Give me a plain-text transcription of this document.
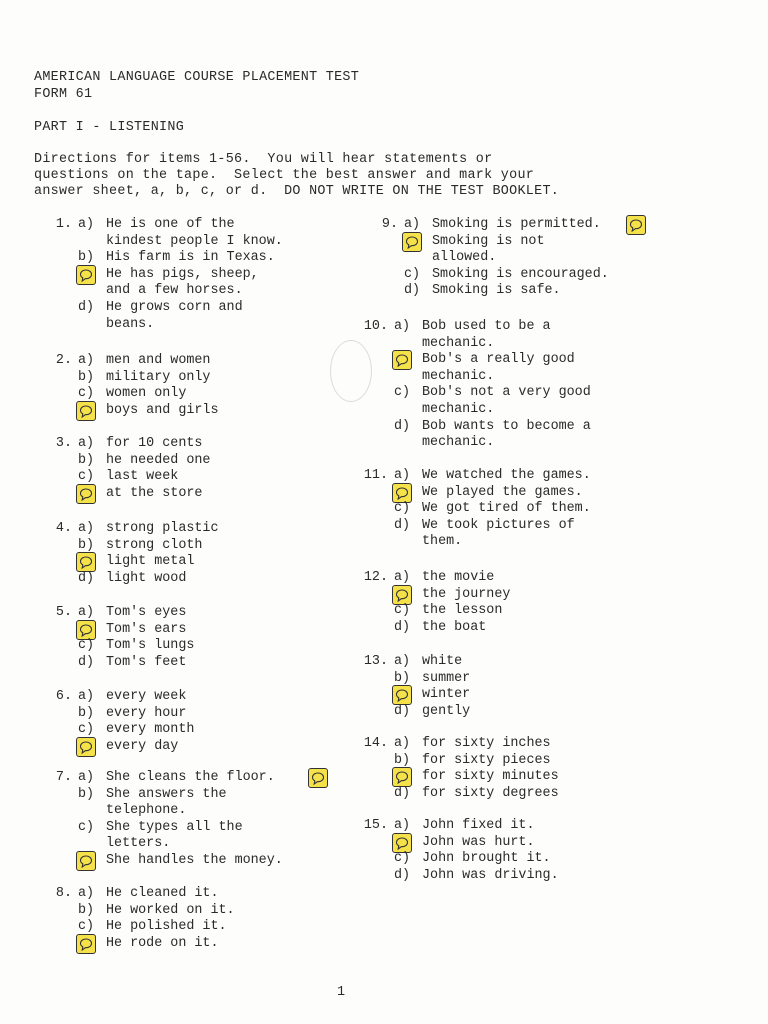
AMERICAN LANGUAGE COURSE PLACEMENT TEST
FORM 61
PART I - LISTENING
Directions for items 1-56.  You will hear statements or
questions on the tape.  Select the best answer and mark your
answer sheet, a, b, c, or d.  DO NOT WRITE ON THE TEST BOOKLET.
1. a) He is one of the
kindest people I know.
b) His farm is in Texas.
He has pigs, sheep,
and a few horses.
d) He grows corn and
beans.
2. a) men and women
b) military only
c) women only
boys and girls
3. a) for 10 cents
b) he needed one
c) last week
at the store
4. a) strong plastic
b) strong cloth
light metal
d) light wood
5. a) Tom's eyes
Tom's ears
c) Tom's lungs
d) Tom's feet
6. a) every week
b) every hour
c) every month
every day
7. a) She cleans the floor.
b) She answers the
telephone.
c) She types all the
letters.
She handles the money.
8. a) He cleaned it.
b) He worked on it.
c) He polished it.
He rode on it.
9. a) Smoking is permitted.
Smoking is not
allowed.
c) Smoking is encouraged.
d) Smoking is safe.
10. a) Bob used to be a
mechanic.
Bob's a really good
mechanic.
c) Bob's not a very good
mechanic.
d) Bob wants to become a
mechanic.
11. a) We watched the games.
We played the games.
c) We got tired of them.
d) We took pictures of
them.
12. a) the movie
the journey
c) the lesson
d) the boat
13. a) white
b) summer
winter
d) gently
14. a) for sixty inches
b) for sixty pieces
for sixty minutes
d) for sixty degrees
15. a) John fixed it.
John was hurt.
c) John brought it.
d) John was driving.
1
